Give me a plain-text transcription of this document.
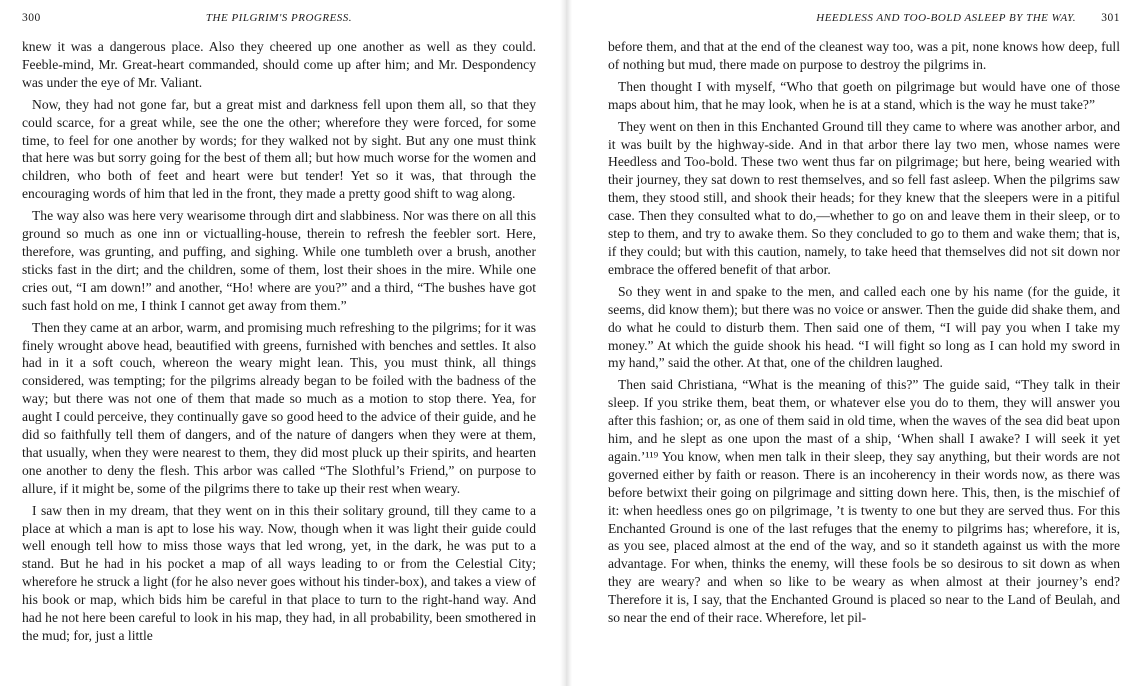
300	THE PILGRIM'S PROGRESS.

knew it was a dangerous place. Also they cheered up one another as well as they could. Feeble-mind, Mr. Great-heart commanded, should come up after him; and Mr. Despondency was under the eye of Mr. Valiant.

Now, they had not gone far, but a great mist and darkness fell upon them all, so that they could scarce, for a great while, see the one the other; wherefore they were forced, for some time, to feel for one another by words; for they walked not by sight. But any one must think that here was but sorry going for the best of them all; but how much worse for the women and children, who both of feet and heart were but tender! Yet so it was, that through the encouraging words of him that led in the front, they made a pretty good shift to wag along.

The way also was here very wearisome through dirt and slabbiness. Nor was there on all this ground so much as one inn or victualling-house, therein to refresh the feebler sort. Here, therefore, was grunting, and puffing, and sighing. While one tumbleth over a brush, another sticks fast in the dirt; and the children, some of them, lost their shoes in the mire. While one cries out, “I am down!” and another, “Ho! where are you?” and a third, “The bushes have got such fast hold on me, I think I cannot get away from them.”

Then they came at an arbor, warm, and promising much refreshing to the pilgrims; for it was finely wrought above head, beautified with greens, furnished with benches and settles. It also had in it a soft couch, whereon the weary might lean. This, you must think, all things considered, was tempting; for the pilgrims already began to be foiled with the badness of the way; but there was not one of them that made so much as a motion to stop there. Yea, for aught I could perceive, they continually gave so good heed to the advice of their guide, and he did so faithfully tell them of dangers, and of the nature of dangers when they were at them, that usually, when they were nearest to them, they did most pluck up their spirits, and hearten one another to deny the flesh. This arbor was called “The Slothful’s Friend,” on purpose to allure, if it might be, some of the pilgrims there to take up their rest when weary.

I saw then in my dream, that they went on in this their solitary ground, till they came to a place at which a man is apt to lose his way. Now, though when it was light their guide could well enough tell how to miss those ways that led wrong, yet, in the dark, he was put to a stand. But he had in his pocket a map of all ways leading to or from the Celestial City; wherefore he struck a light (for he also never goes without his tinder-box), and takes a view of his book or map, which bids him be careful in that place to turn to the right-hand way. And had he not here been careful to look in his map, they had, in all probability, been smothered in the mud; for, just a little

HEEDLESS AND TOO-BOLD ASLEEP BY THE WAY. 301

before them, and that at the end of the cleanest way too, was a pit, none knows how deep, full of nothing but mud, there made on purpose to destroy the pilgrims in.

Then thought I with myself, “Who that goeth on pilgrimage but would have one of those maps about him, that he may look, when he is at a stand, which is the way he must take?”

They went on then in this Enchanted Ground till they came to where was another arbor, and it was built by the highway-side. And in that arbor there lay two men, whose names were Heedless and Too-bold. These two went thus far on pilgrimage; but here, being wearied with their journey, they sat down to rest themselves, and so fell fast asleep. When the pilgrims saw them, they stood still, and shook their heads; for they knew that the sleepers were in a pitiful case. Then they consulted what to do,—whether to go on and leave them in their sleep, or to step to them, and try to awake them. So they concluded to go to them and wake them; that is, if they could; but with this caution, namely, to take heed that themselves did not sit down nor embrace the offered benefit of that arbor.

So they went in and spake to the men, and called each one by his name (for the guide, it seems, did know them); but there was no voice or answer. Then the guide did shake them, and do what he could to disturb them. Then said one of them, “I will pay you when I take my money.” At which the guide shook his head. “I will fight so long as I can hold my sword in my hand,” said the other. At that, one of the children laughed.

Then said Christiana, “What is the meaning of this?” The guide said, “They talk in their sleep. If you strike them, beat them, or whatever else you do to them, they will answer you after this fashion; or, as one of them said in old time, when the waves of the sea did beat upon him, and he slept as one upon the mast of a ship, ‘When shall I awake? I will seek it yet again.’¹¹⁹ You know, when men talk in their sleep, they say anything, but their words are not governed either by faith or reason. There is an incoherency in their words now, as there was before betwixt their going on pilgrimage and sitting down here. This, then, is the mischief of it: when heedless ones go on pilgrimage, ’t is twenty to one but they are served thus. For this Enchanted Ground is one of the last refuges that the enemy to pilgrims has; wherefore, it is, as you see, placed almost at the end of the way, and so it standeth against us with the more advantage. For when, thinks the enemy, will these fools be so desirous to sit down as when they are weary? and when so like to be weary as when almost at their journey’s end? Therefore it is, I say, that the Enchanted Ground is placed so near to the Land of Beulah, and so near the end of their race. Wherefore, let pil-
